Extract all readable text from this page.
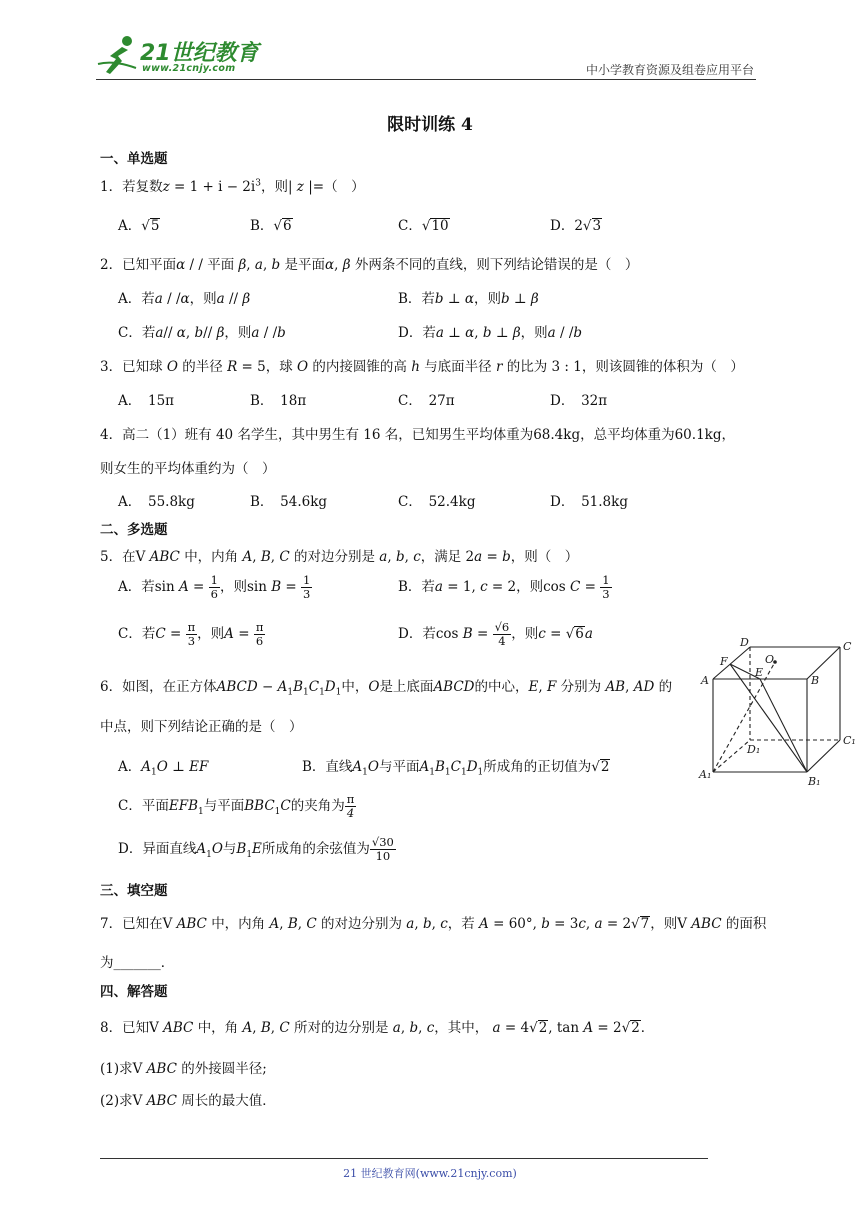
21世纪教育
www.21cnjy.com	中小学教育资源及组卷应用平台
限时训练 4
一、单选题
1．若复数$z = 1 + i - 2i^3$，则| z |=（　）
A．√5	B．√6	C．√10	D．2√3
2．已知平面α / / 平面 β, a, b 是平面α, β 外两条不同的直线，则下列结论错误的是（　）
A．若a / /α，则a // β	B．若b ⊥ α，则b ⊥ β
C．若a// α, b// β，则a / /b	D．若a ⊥ α, b ⊥ β，则a / /b
3．已知球 O 的半径 R = 5，球 O 的内接圆锥的高 h 与底面半径 r 的比为 3 : 1，则该圆锥的体积为（　）
A．　15π	B．　18π	C．　27π	D．　32π
4．高二（1）班有 40 名学生，其中男生有 16 名，已知男生平均体重为68.4kg，总平均体重为60.1kg，
则女生的平均体重约为（　）
A．　55.8kg	B．　54.6kg	C．　52.4kg	D．　51.8kg
二、多选题
5．在V ABC 中，内角 A, B, C 的对边分别是 a, b, c，满足 2a = b，则（　）
A．若$\sin A = \frac{1}{6}$ ，则$\sin B = \frac{1}{3}$	B．若a = 1, c = 2，则$\cos C = \frac{1}{3}$
C．若$C = \frac{\pi}{3}$ ，则$A = \frac{\pi}{6}$	D．若$\cos B = \frac{√6}{4}$ ，则c = √6a
6．如图，在正方体ABCD − $A_1B_1C_1D_1$中，O是上底面ABCD的中心，E, F 分别为 AB, AD 的
中点，则下列结论正确的是（　）
A．$A_1O$ ⊥ EF	B．直线$A_1O$与平面$A_1B_1C_1D_1$所成角的正切值为√2
C．平面$EFB_1$与平面$BBC_1C$的夹角为 $\frac{\pi}{4}$
D．异面直线$A_1O$与$B_1E$所成角的余弦值为 $\frac{√30}{10}$
D	C
F	O
E
A	B
D₁
C₁
A₁
B₁
三、填空题
7．已知在V ABC 中，内角 A, B, C 的对边分别为 a, b, c，若 A = 60°, b = 3c, a = 2√7，则V ABC 的面积
为_______．
四、解答题
8．已知V ABC 中，角 A, B, C 所对的边分别是 a, b, c，其中， a = 4√2, tan A = 2√2．
(1)求V ABC 的外接圆半径;
(2)求V ABC 周长的最大值．
21 世纪教育网(www.21cnjy.com)
